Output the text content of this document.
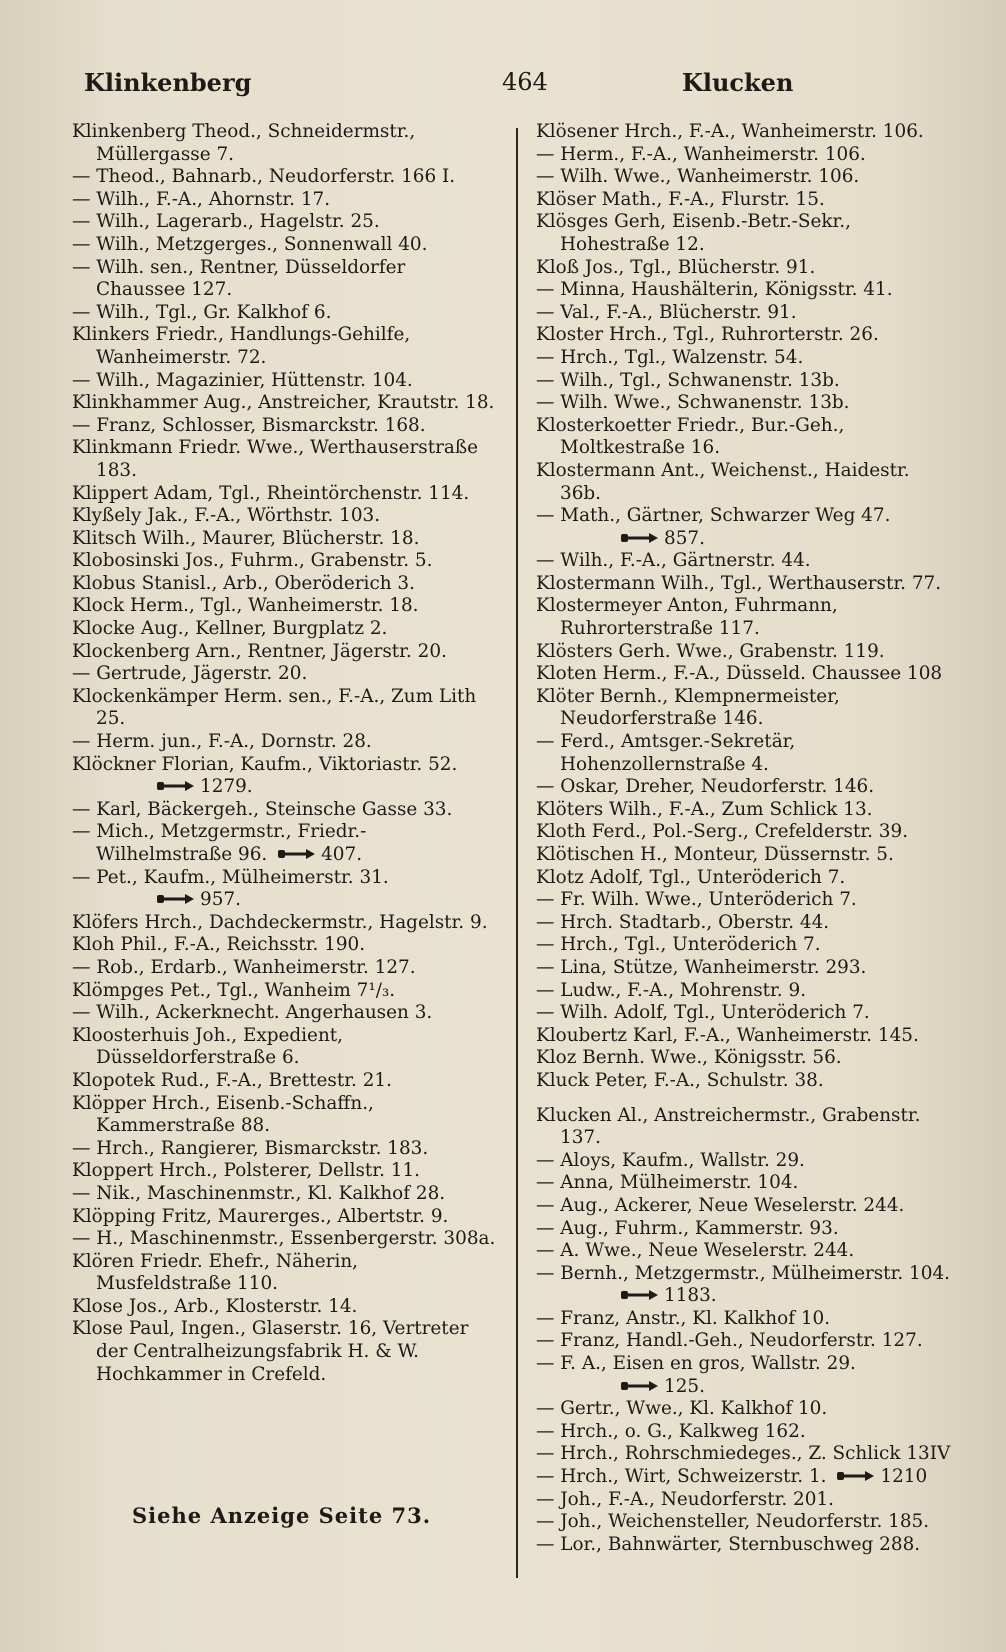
Klinkenberg	464	Klucken
Klinkenberg Theod., Schneidermstr., Müllergasse 7.
— Theod., Bahnarb., Neudorferstr. 166 I.
— Wilh., F.-A., Ahornstr. 17.
— Wilh., Lagerarb., Hagelstr. 25.
— Wilh., Metzgerges., Sonnenwall 40.
— Wilh. sen., Rentner, Düsseldorfer Chaussee 127.
— Wilh., Tgl., Gr. Kalkhof 6.
Klinkers Friedr., Handlungs-Gehilfe, Wanheimerstr. 72.
— Wilh., Magazinier, Hüttenstr. 104.
Klinkhammer Aug., Anstreicher, Krautstr. 18.
— Franz, Schlosser, Bismarckstr. 168.
Klinkmann Friedr. Wwe., Werthauserstraße 183.
Klippert Adam, Tgl., Rheintörchenstr. 114.
Klyßely Jak., F.-A., Wörthstr. 103.
Klitsch Wilh., Maurer, Blücherstr. 18.
Klobosinski Jos., Fuhrm., Grabenstr. 5.
Klobus Stanisl., Arb., Oberöderich 3.
Klock Herm., Tgl., Wanheimerstr. 18.
Klocke Aug., Kellner, Burgplatz 2.
Klockenberg Arn., Rentner, Jägerstr. 20.
— Gertrude, Jägerstr. 20.
Klockenkämper Herm. sen., F.-A., Zum Lith 25.
— Herm. jun., F.-A., Dornstr. 28.
Klöckner Florian, Kaufm., Viktoriastr. 52.
1279.
— Karl, Bäckergeh., Steinsche Gasse 33.
— Mich., Metzgermstr., Friedr.-Wilhelmstraße 96.	407.
— Pet., Kaufm., Mülheimerstr. 31.
957.
Klöfers Hrch., Dachdeckermstr., Hagelstr. 9.
Kloh Phil., F.-A., Reichsstr. 190.
— Rob., Erdarb., Wanheimerstr. 127.
Klömpges Pet., Tgl., Wanheim 7¹/₃.
— Wilh., Ackerknecht. Angerhausen 3.
Kloosterhuis Joh., Expedient, Düsseldorferstraße 6.
Klopotek Rud., F.-A., Brettestr. 21.
Klöpper Hrch., Eisenb.-Schaffn., Kammerstraße 88.
— Hrch., Rangierer, Bismarckstr. 183.
Kloppert Hrch., Polsterer, Dellstr. 11.
— Nik., Maschinenmstr., Kl. Kalkhof 28.
Klöpping Fritz, Maurerges., Albertstr. 9.
— H., Maschinenmstr., Essenbergerstr. 308a.
Klören Friedr. Ehefr., Näherin, Musfeldstraße 110.
Klose Jos., Arb., Klosterstr. 14.
Klose Paul, Ingen., Glaserstr. 16, Vertreter der Centralheizungsfabrik H. & W. Hochkammer in Crefeld.
Klösener Hrch., F.-A., Wanheimerstr. 106.
— Herm., F.-A., Wanheimerstr. 106.
— Wilh. Wwe., Wanheimerstr. 106.
Klöser Math., F.-A., Flurstr. 15.
Klösges Gerh, Eisenb.-Betr.-Sekr., Hohestraße 12.
Kloß Jos., Tgl., Blücherstr. 91.
— Minna, Haushälterin, Königsstr. 41.
— Val., F.-A., Blücherstr. 91.
Kloster Hrch., Tgl., Ruhrorterstr. 26.
— Hrch., Tgl., Walzenstr. 54.
— Wilh., Tgl., Schwanenstr. 13b.
— Wilh. Wwe., Schwanenstr. 13b.
Klosterkoetter Friedr., Bur.-Geh., Moltkestraße 16.
Klostermann Ant., Weichenst., Haidestr. 36b.
— Math., Gärtner, Schwarzer Weg 47.
857.
— Wilh., F.-A., Gärtnerstr. 44.
Klostermann Wilh., Tgl., Werthauserstr. 77.
Klostermeyer Anton, Fuhrmann, Ruhrorterstraße 117.
Klösters Gerh. Wwe., Grabenstr. 119.
Kloten Herm., F.-A., Düsseld. Chaussee 108
Klöter Bernh., Klempnermeister, Neudorferstraße 146.
— Ferd., Amtsger.-Sekretär, Hohenzollernstraße 4.
— Oskar, Dreher, Neudorferstr. 146.
Klöters Wilh., F.-A., Zum Schlick 13.
Kloth Ferd., Pol.-Serg., Crefelderstr. 39.
Klötischen H., Monteur, Düssernstr. 5.
Klotz Adolf, Tgl., Unteröderich 7.
— Fr. Wilh. Wwe., Unteröderich 7.
— Hrch. Stadtarb., Oberstr. 44.
— Hrch., Tgl., Unteröderich 7.
— Lina, Stütze, Wanheimerstr. 293.
— Ludw., F.-A., Mohrenstr. 9.
— Wilh. Adolf, Tgl., Unteröderich 7.
Kloubertz Karl, F.-A., Wanheimerstr. 145.
Kloz Bernh. Wwe., Königsstr. 56.
Kluck Peter, F.-A., Schulstr. 38.
Klucken Al., Anstreichermstr., Grabenstr. 137.
— Aloys, Kaufm., Wallstr. 29.
— Anna, Mülheimerstr. 104.
— Aug., Ackerer, Neue Weselerstr. 244.
— Aug., Fuhrm., Kammerstr. 93.
— A. Wwe., Neue Weselerstr. 244.
— Bernh., Metzgermstr., Mülheimerstr. 104.
1183.
— Franz, Anstr., Kl. Kalkhof 10.
— Franz, Handl.-Geh., Neudorferstr. 127.
— F. A., Eisen en gros, Wallstr. 29.
125.
— Gertr., Wwe., Kl. Kalkhof 10.
— Hrch., o. G., Kalkweg 162.
— Hrch., Rohrschmiedeges., Z. Schlick 13IV
— Hrch., Wirt, Schweizerstr. 1.	1210
— Joh., F.-A., Neudorferstr. 201.
— Joh., Weichensteller, Neudorferstr. 185.
— Lor., Bahnwärter, Sternbuschweg 288.
Siehe Anzeige Seite 73.
